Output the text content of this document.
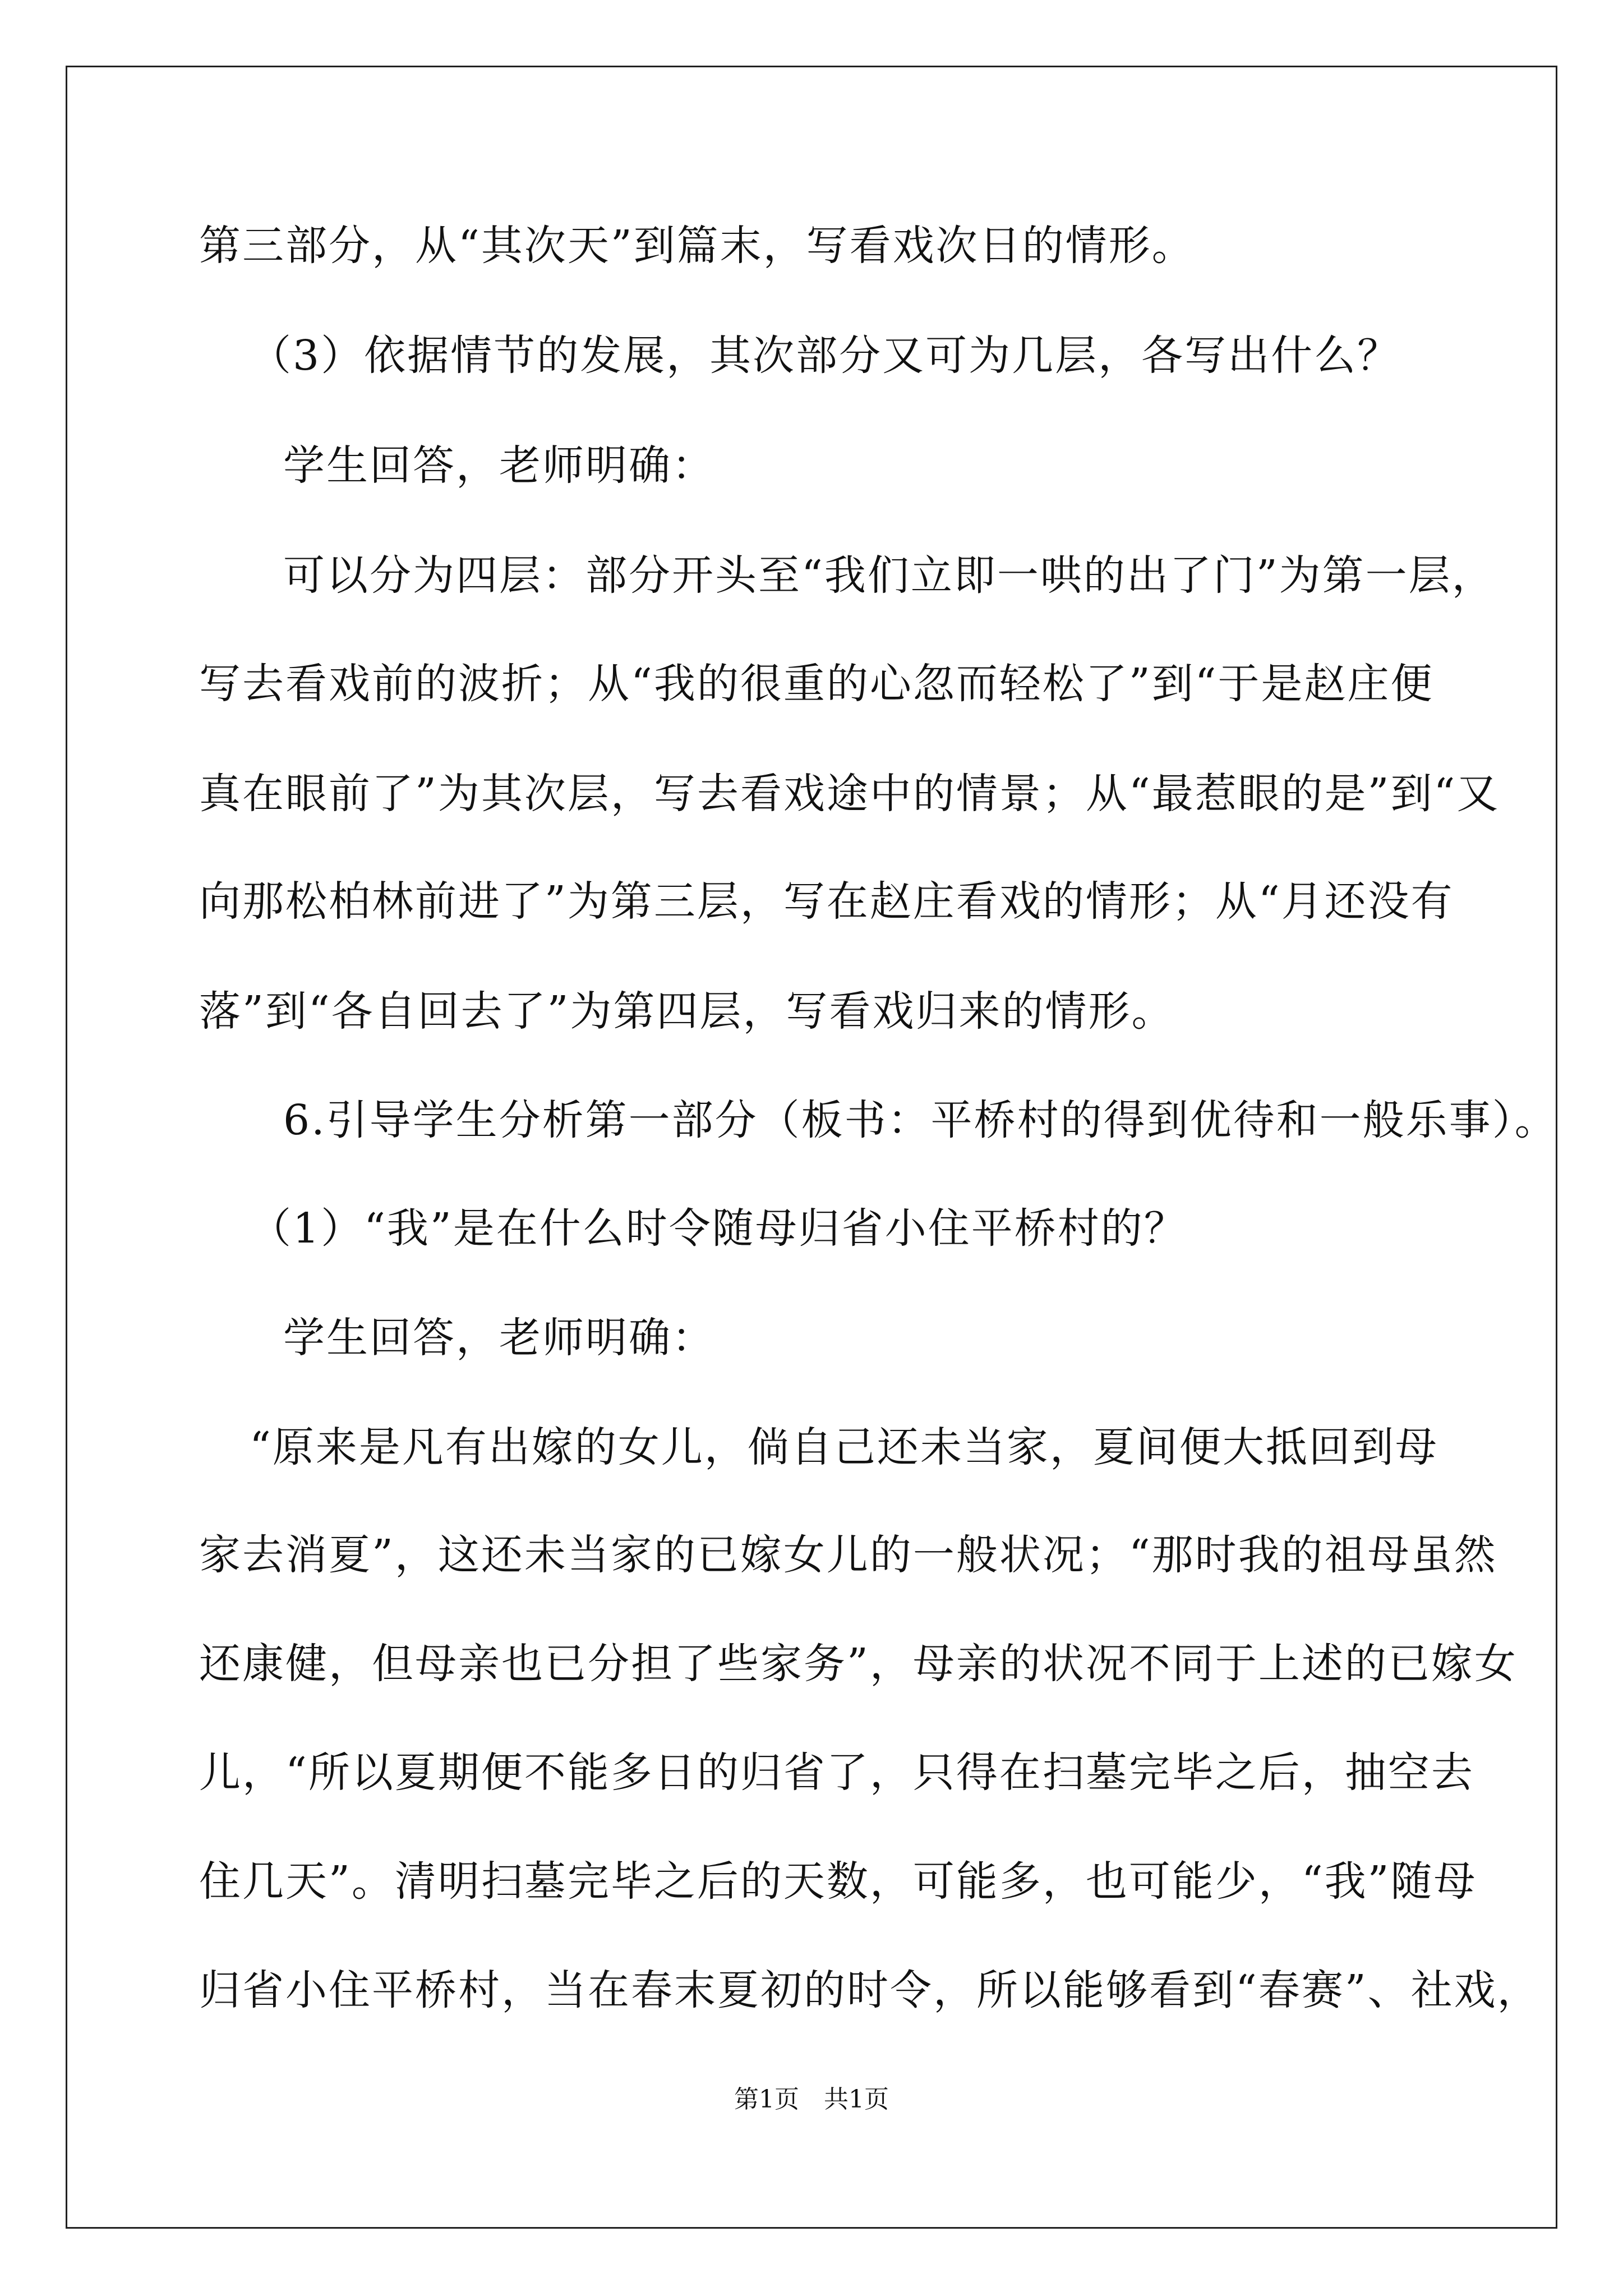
第三部分，从“其次天”到篇末，写看戏次日的情形。
（3）依据情节的发展，其次部分又可为几层，各写出什么？
学生回答，老师明确：
可以分为四层：部分开头至“我们立即一哄的出了门”为第一层，
写去看戏前的波折；从“我的很重的心忽而轻松了”到“于是赵庄便
真在眼前了”为其次层，写去看戏途中的情景；从“最惹眼的是”到“又
向那松柏林前进了”为第三层，写在赵庄看戏的情形；从“月还没有
落”到“各自回去了”为第四层，写看戏归来的情形。
6.引导学生分析第一部分（板书：平桥村的得到优待和一般乐事）。
（1）“我”是在什么时令随母归省小住平桥村的？
学生回答，老师明确：
“原来是凡有出嫁的女儿，倘自己还未当家，夏间便大抵回到母
家去消夏”，这还未当家的已嫁女儿的一般状况；“那时我的祖母虽然
还康健，但母亲也已分担了些家务”，母亲的状况不同于上述的已嫁女
儿，“所以夏期便不能多日的归省了，只得在扫墓完毕之后，抽空去
住几天”。清明扫墓完毕之后的天数，可能多，也可能少，“我”随母
归省小住平桥村，当在春末夏初的时令，所以能够看到“春赛”、社戏，
第1页　共1页
